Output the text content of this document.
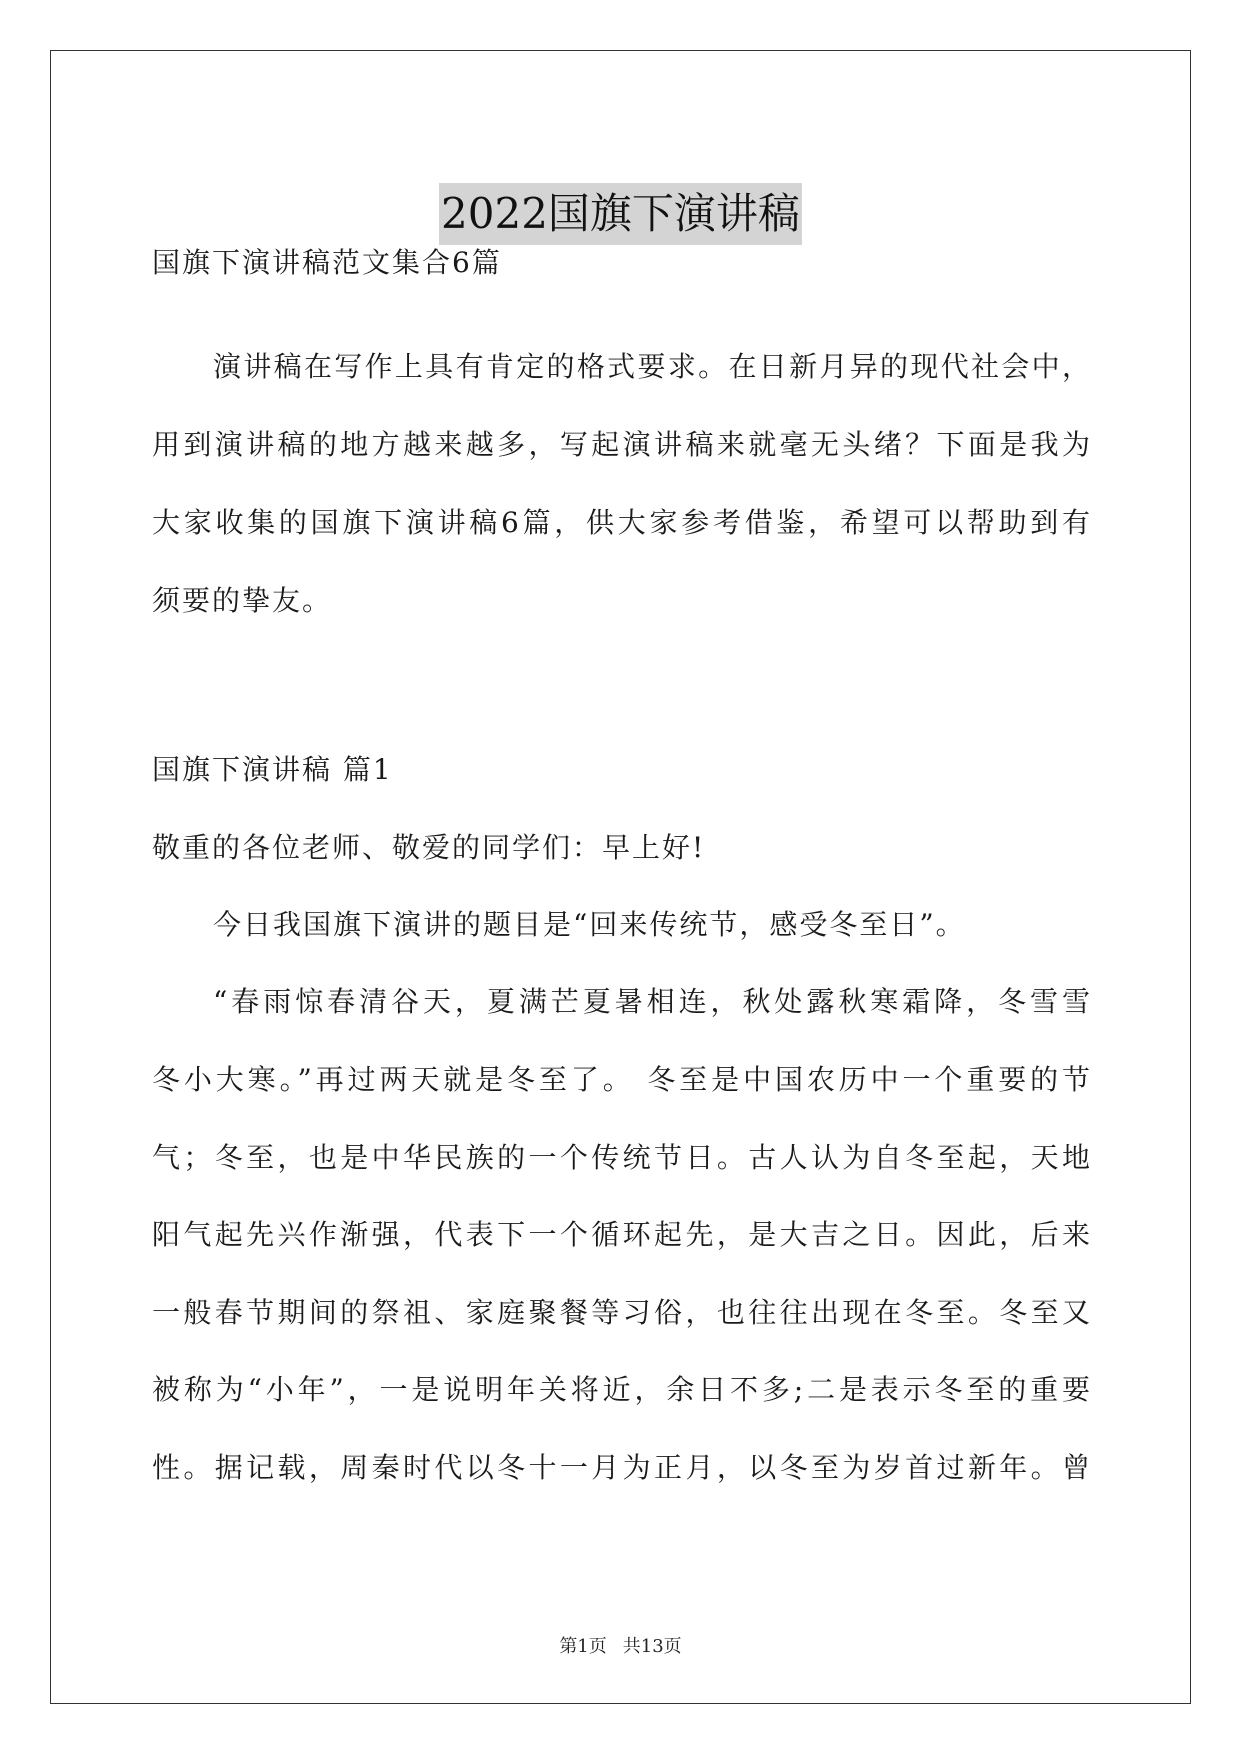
2022国旗下演讲稿
国旗下演讲稿范文集合6篇
演讲稿在写作上具有肯定的格式要求。在日新月异的现代社会中，
用到演讲稿的地方越来越多，写起演讲稿来就毫无头绪？下面是我为
大家收集的国旗下演讲稿6篇，供大家参考借鉴，希望可以帮助到有
须要的挚友。
国旗下演讲稿 篇1
敬重的各位老师、敬爱的同学们：早上好!
今日我国旗下演讲的题目是“回来传统节，感受冬至日”。
“春雨惊春清谷天，夏满芒夏暑相连，秋处露秋寒霜降，冬雪雪
冬小大寒。”再过两天就是冬至了。 冬至是中国农历中一个重要的节
气；冬至，也是中华民族的一个传统节日。古人认为自冬至起，天地
阳气起先兴作渐强，代表下一个循环起先，是大吉之日。因此，后来
一般春节期间的祭祖、家庭聚餐等习俗，也往往出现在冬至。冬至又
被称为“小年”，一是说明年关将近，余日不多;二是表示冬至的重要
性。据记载，周秦时代以冬十一月为正月，以冬至为岁首过新年。曾
第1页 共13页
